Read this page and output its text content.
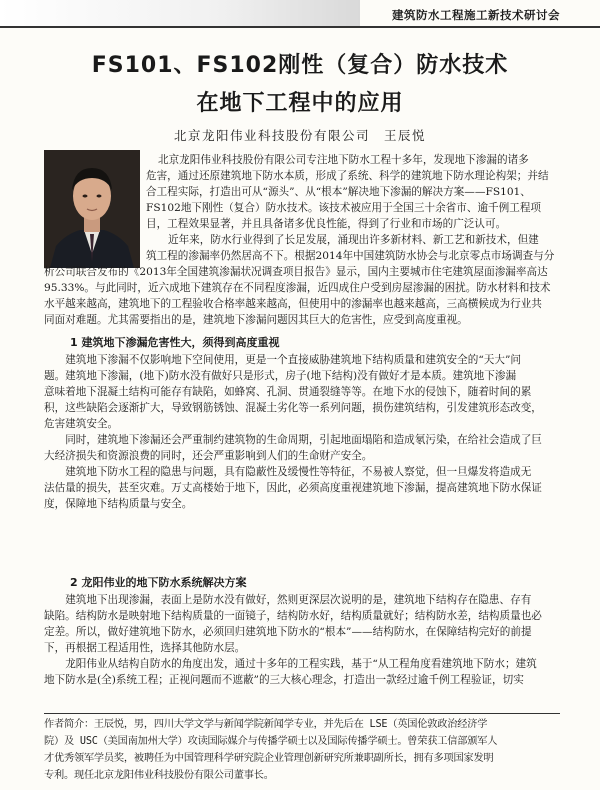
建筑防水工程施工新技术研讨会
FS101、FS102刚性（复合）防水技术
在地下工程中的应用
北京龙阳伟业科技股份有限公司　王辰悦
北京龙阳伟业科技股份有限公司专注地下防水工程十多年，发现地下渗漏的诸多
危害，通过还原建筑地下防水本质，形成了系统、科学的建筑地下防水理论构架；并结
合工程实际，打造出可从“源头”、从“根本”解决地下渗漏的解决方案——FS101、
FS102地下刚性（复合）防水技术。该技术被应用于全国三十余省市、逾千例工程项
目，工程效果显著，并且具备诸多优良性能，得到了行业和市场的广泛认可。
近年来，防水行业得到了长足发展，涌现出许多新材料、新工艺和新技术，但建
筑工程的渗漏率仍然居高不下。根据2014年中国建筑防水协会与北京零点市场调查与分
析公司联合发布的《2013年全国建筑渗漏状况调查项目报告》显示，国内主要城市住宅建筑屋面渗漏率高达
95.33%。与此同时，近六成地下建筑存在不同程度渗漏，近四成住户受到房屋渗漏的困扰。防水材料和技术
水平越来越高，建筑地下的工程验收合格率越来越高，但使用中的渗漏率也越来越高，三高横候成为行业共
同面对难题。尤其需要指出的是，建筑地下渗漏问题因其巨大的危害性，应受到高度重视。
1 建筑地下渗漏危害性大，须得到高度重视
建筑地下渗漏不仅影响地下空间使用，更是一个直接威胁建筑地下结构质量和建筑安全的“天大”问
题。建筑地下渗漏，(地下)防水没有做好只是形式，房子(地下结构)没有做好才是本质。建筑地下渗漏
意味着地下混凝土结构可能存有缺陷，如蜂窝、孔洞、贯通裂缝等等。在地下水的侵蚀下，随着时间的累
积，这些缺陷会逐渐扩大，导致钢筋锈蚀、混凝土劣化等一系列问题，损伤建筑结构，引发建筑形态改变，
危害建筑安全。
同时，建筑地下渗漏还会严重制约建筑物的生命周期，引起地面塌陷和造成氡污染，在给社会造成了巨
大经济损失和资源浪费的同时，还会严重影响到人们的生命财产安全。
建筑地下防水工程的隐患与问题，具有隐蔽性及缓慢性等特征，不易被人察觉，但一旦爆发将造成无
法估量的损失，甚至灾难。万丈高楼始于地下，因此，必须高度重视建筑地下渗漏，提高建筑地下防水保证
度，保障地下结构质量与安全。
2 龙阳伟业的地下防水系统解决方案
建筑地下出现渗漏，表面上是防水没有做好，然则更深层次说明的是，建筑地下结构存在隐患、存有
缺陷。结构防水是映射地下结构质量的一面镜子，结构防水好，结构质量就好；结构防水差，结构质量也必
定差。所以，做好建筑地下防水，必须回归建筑地下防水的“根本”——结构防水，在保障结构完好的前提
下，再根据工程适用性，选择其他防水层。
龙阳伟业从结构自防水的角度出发，通过十多年的工程实践，基于“从工程角度看建筑地下防水；建筑
地下防水是(全)系统工程；正视问题而不遮蔽”的三大核心理念，打造出一款经过逾千例工程验证，切实
作者简介：王辰悦，男，四川大学文学与新闻学院新闻学专业，并先后在 LSE（英国伦敦政治经济学
院）及 USC（美国南加州大学）攻读国际媒介与传播学硕士以及国际传播学硕士。曾荣获工信部颁军人
才优秀领军学员奖，被聘任为中国管理科学研究院企业管理创新研究所兼职副所长，拥有多项国家发明
专利。现任北京龙阳伟业科技股份有限公司董事长。
